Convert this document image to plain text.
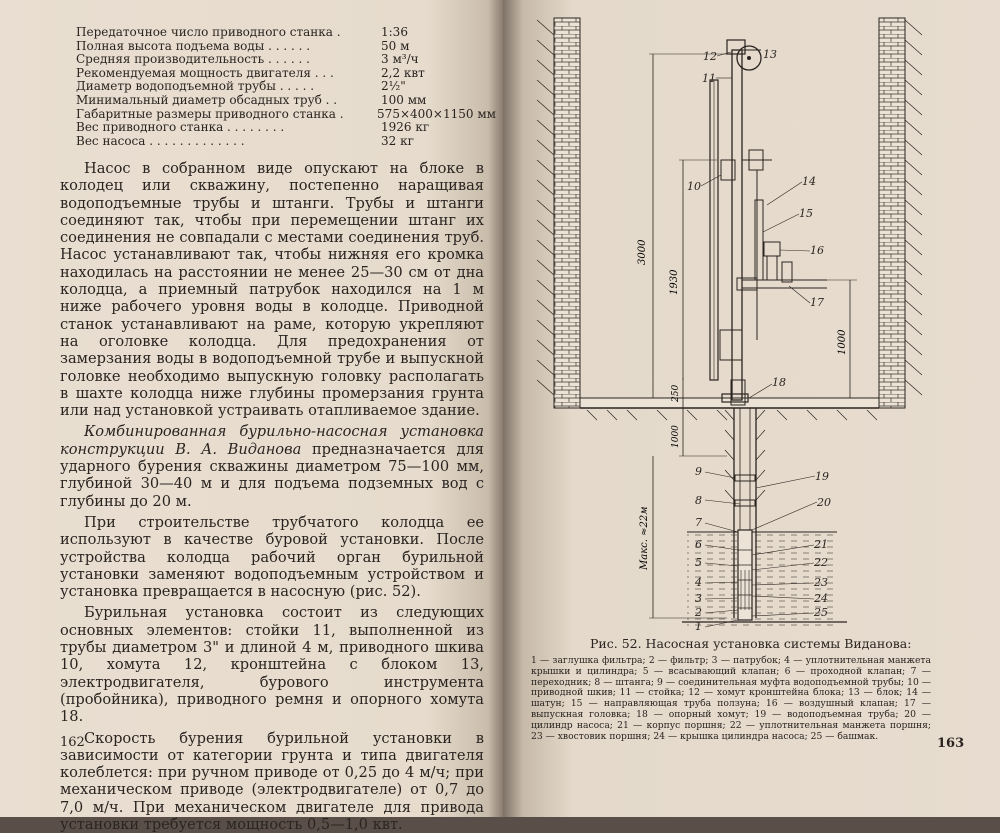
Передаточное число приводного станка .	1:36
Полная высота подъема воды . . . . . .	50 м
Средняя производительность . . . . . .	3 м³/ч
Рекомендуемая мощность двигателя . . .	2,2 квт
Диаметр водоподъемной трубы . . . . .	2½"
Минимальный диаметр обсадных труб . .	100 мм
Габаритные размеры приводного станка .	575×400×1150 мм
Вес приводного станка . . . . . . . .	1926 кг
Вес насоса . . . . . . . . . . . . .	32 кг

Насос в собранном виде опускают на блоке в колодец или скважину, постепенно наращивая водоподъемные трубы и штанги. Трубы и штанги соединяют так, чтобы при перемещении штанг их соединения не совпадали с местами соединения труб. Насос устанавливают так, чтобы нижняя его кромка находилась на расстоянии не менее 25—30 см от дна колодца, а приемный патрубок находился на 1 м ниже рабочего уровня воды в колодце. Приводной станок устанавливают на раме, которую укрепляют на оголовке колодца. Для предохранения от замерзания воды в водоподъемной трубе и выпускной головке необходимо выпускную головку располагать в шахте колодца ниже глубины промерзания грунта или над установкой устраивать отапливаемое здание.

Комбинированная бурильно-насосная установка конструкции В. А. Виданова предназначается для ударного бурения скважины диаметром 75—100 мм, глубиной 30—40 м и для подъема подземных вод с глубины до 20 м.

При строительстве трубчатого колодца ее используют в качестве буровой установки. После устройства колодца рабочий орган бурильной установки заменяют водоподъемным устройством и установка превращается в насосную (рис. 52).

Бурильная установка состоит из следующих основных элементов: стойки 11, выполненной из трубы диаметром 3" и длиной 4 м, приводного шкива 10, хомута 12, кронштейна с блоком 13, электродвигателя, бурового инструмента (пробойника), приводного ремня и опорного хомута 18.

Скорость бурения бурильной установки в зависимости от категории грунта и типа двигателя колеблется: при ручном приводе от 0,25 до 4 м/ч; при механическом приводе (электродвигателе) от 0,7 до 7,0 м/ч. При механическом двигателе для привода установки требуется мощность 0,5—1,0 квт.

162
3000
1930
1000
250
1000
Макс. ≈22м
12	13
11
10	14
15
16
17
18
19
9
8	20
7
6	21
5	22
4	23
24
3
2	25
1
Рис. 52. Насосная установка системы Виданова:
1 — заглушка фильтра; 2 — фильтр; 3 — патрубок; 4 — уплотнительная манжета крышки и цилиндра; 5 — всасывающий клапан; 6 — проходной клапан; 7 — переходник; 8 — штанга; 9 — соединительная муфта водоподъемной трубы; 10 — приводной шкив; 11 — стойка; 12 — хомут кронштейна блока; 13 — блок; 14 — шатун; 15 — направляющая труба ползуна; 16 — воздушный клапан; 17 — выпускная головка; 18 — опорный хомут; 19 — водоподъемная труба; 20 — цилиндр насоса; 21 — корпус поршня; 22 — уплотнительная манжета поршня; 23 — хвостовик поршня; 24 — крышка цилиндра насоса; 25 — башмак.	163
